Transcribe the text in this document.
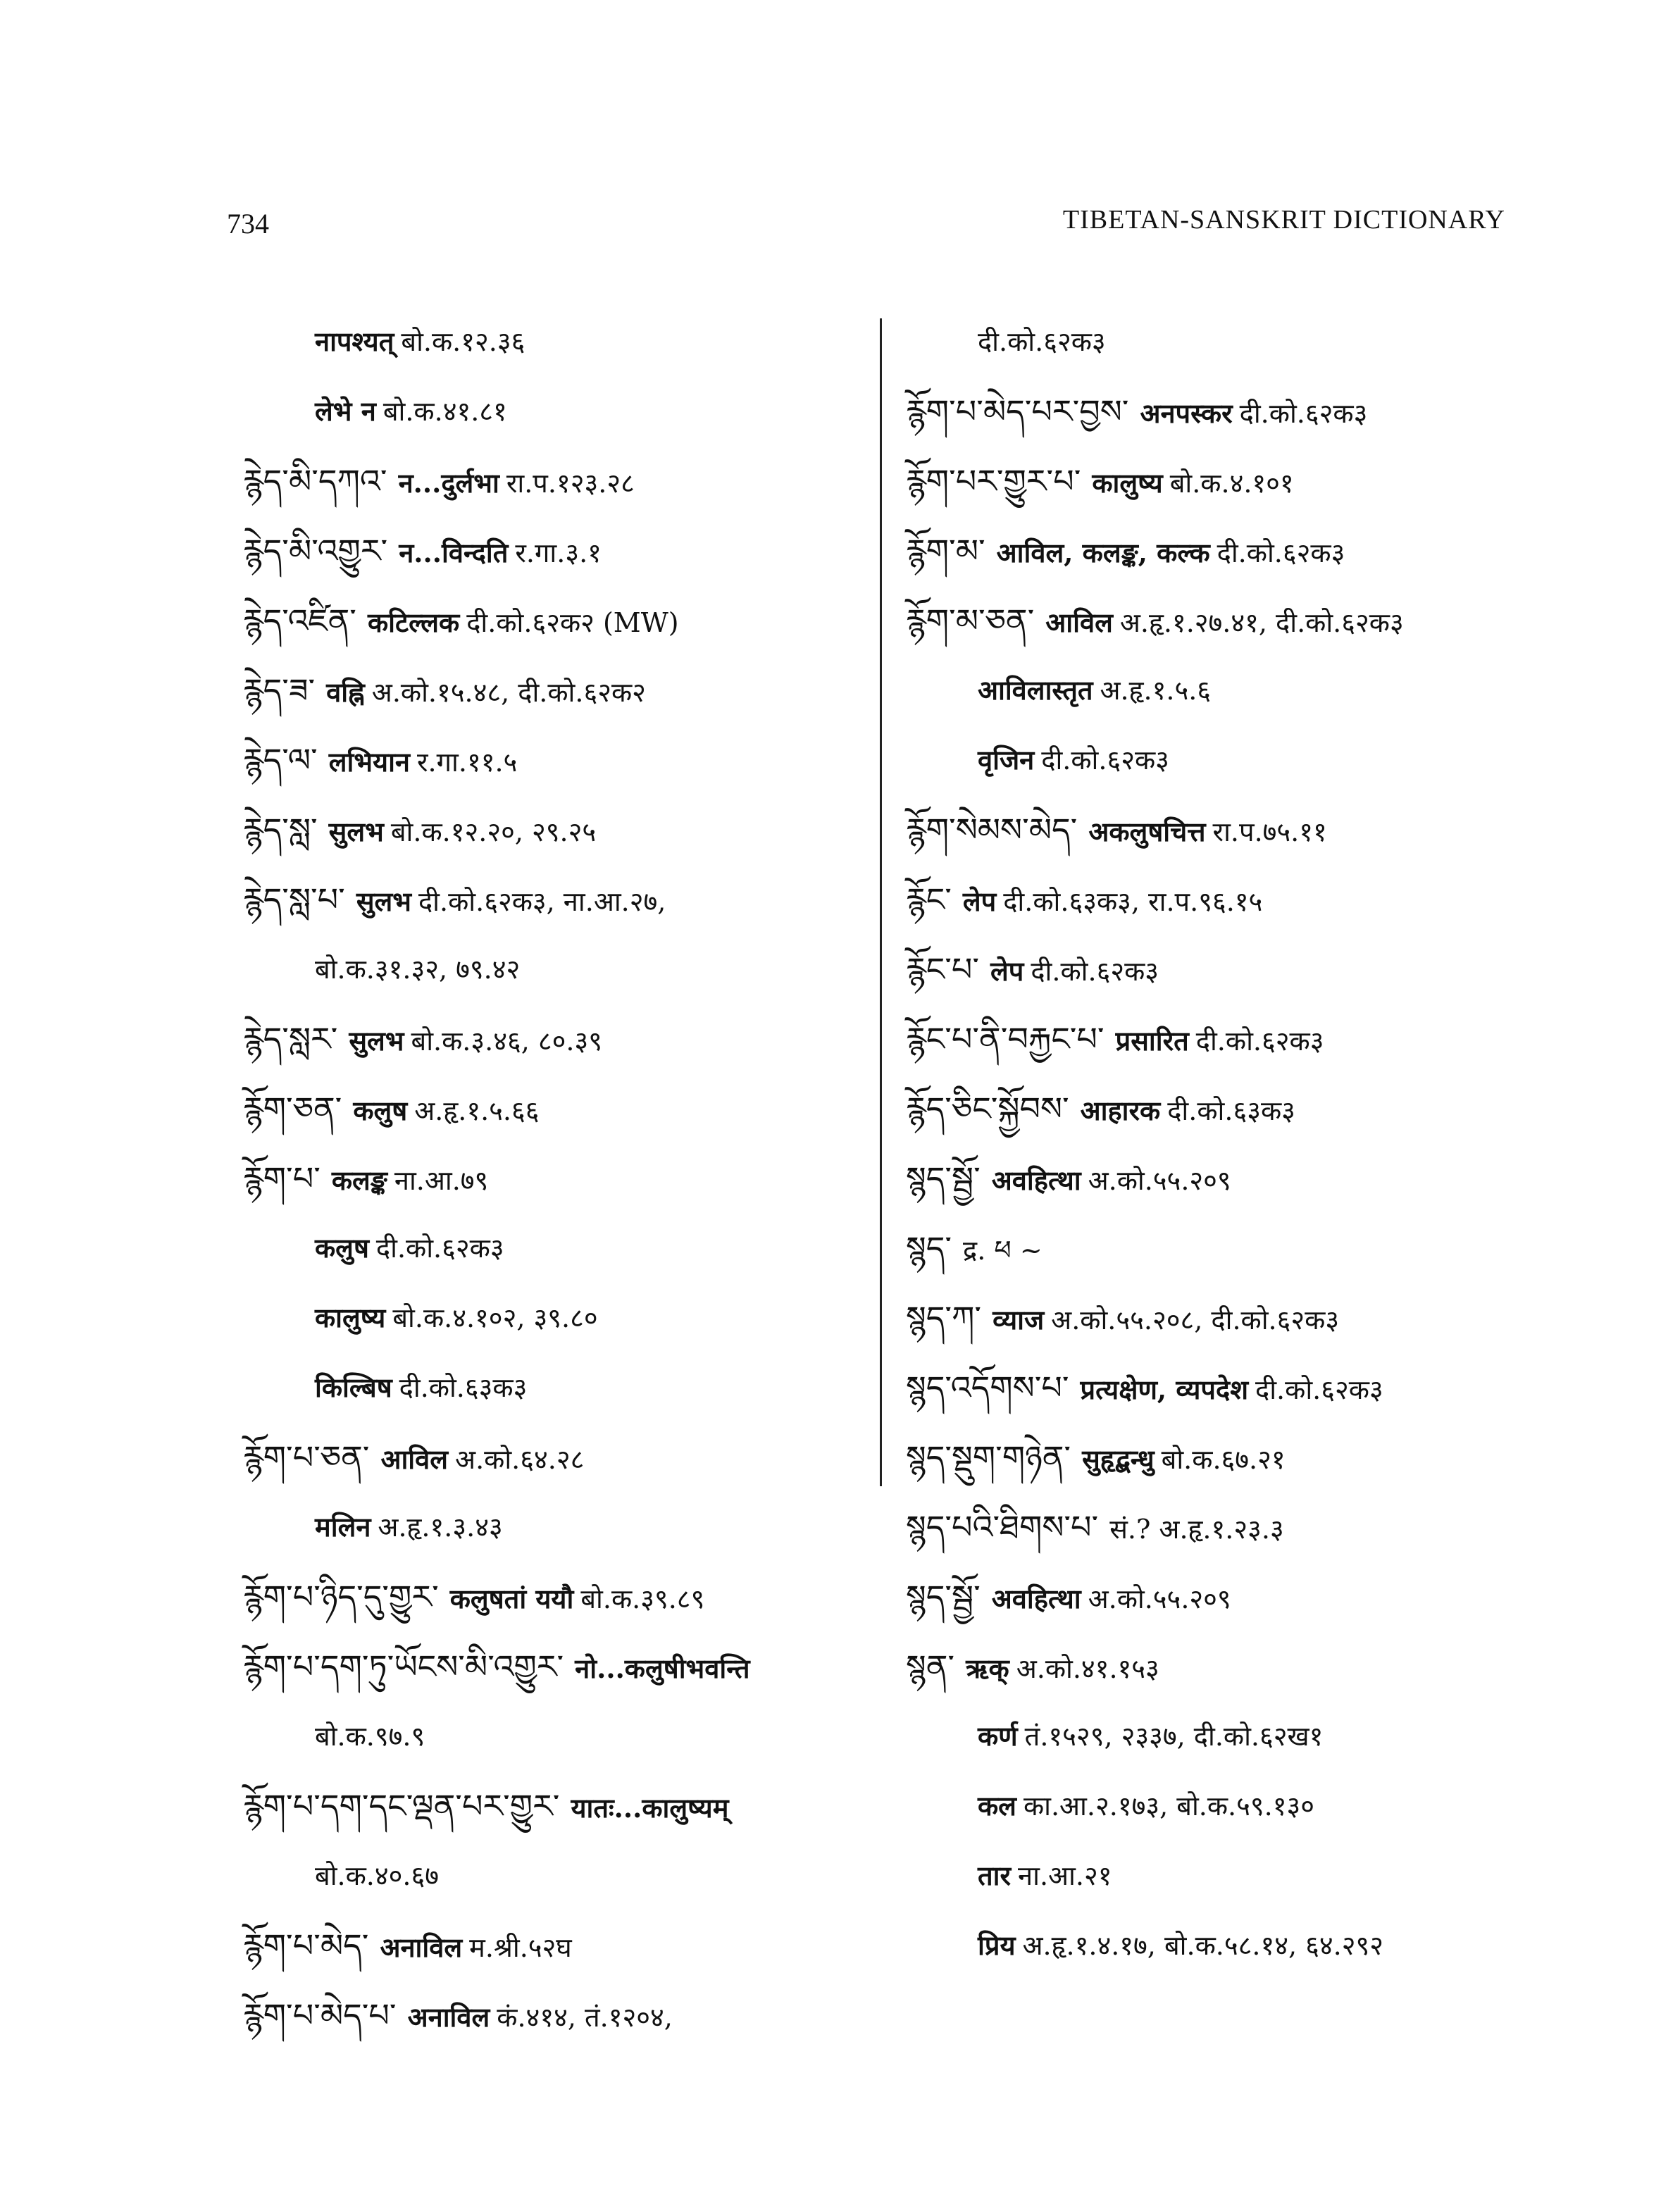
734	TIBETAN-SANSKRIT DICTIONARY
नापश्यत् बो.क.१२.३६
लेभे न बो.क.४१.८१
རྙེད་མི་དཀའ་ न...दुर्लभा रा.प.१२३.२८
རྙེད་མི་འགྱུར་ न...विन्दति र.गा.३.१
རྙེད་འཛིན་ कटिल्लक दी.को.६२क२ (MW)
རྙེད་ཟ་ वह्नि अ.को.१५.४८, दी.को.६२क२
རྙེད་ལ་ लभियान र.गा.११.५
རྙེད་སླ་ सुलभ बो.क.१२.२०, २९.२५
རྙེད་སླ་པ་ सुलभ दी.को.६२क३, ना.आ.२७,
बो.क.३१.३२, ७९.४२
རྙེད་སླར་ सुलभ बो.क.३.४६, ८०.३९
རྙོག་ཅན་ कलुष अ.हृ.१.५.६६
རྙོག་པ་ कलङ्क ना.आ.७९
कलुष दी.को.६२क३
कालुष्य बो.क.४.१०२, ३९.८०
किल्बिष दी.को.६३क३
རྙོག་པ་ཅན་ आविल अ.को.६४.२८
मलिन अ.हृ.१.३.४३
རྙོག་པ་ཉིད་དུ་གྱུར་ कलुषतां ययौ बो.क.३९.८९
རྙོག་པ་དག་ཏུ་ཡོངས་མི་འགྱུར་ नो...कलुषीभवन्ति
बो.क.९७.९
རྙོག་པ་དག་དང་ལྡན་པར་གྱུར་ यातः...कालुष्यम्
बो.क.४०.६७
རྙོག་པ་མེད་ अनाविल म.श्री.५२घ
རྙོག་པ་མེད་པ་ अनाविल कं.४१४, तं.१२०४,
दी.को.६२क३
རྙོག་པ་མེད་པར་བྱས་ अनपस्कर दी.को.६२क३
རྙོག་པར་གྱུར་པ་ कालुष्य बो.क.४.१०१
རྙོག་མ་ आविल, कलङ्क, कल्क दी.को.६२क३
རྙོག་མ་ཅན་ आविल अ.हृ.१.२७.४१, दी.को.६२क३
आविलास्तृत अ.हृ.१.५.६
वृजिन दी.को.६२क३
རྙོག་སེམས་མེད་ अकलुषचित्त रा.प.७५.११
རྙོང་ लेप दी.को.६३क३, रा.प.९६.१५
རྙོང་པ་ लेप दी.को.६२क३
རྙོང་པ་ནི་བརྐྱང་པ་ प्रसारित दी.को.६२क३
རྙོད་ཅིང་སྐྱོབས་ आहारक दी.को.६३क३
སྙད་སྦྱོ་ अवहित्था अ.को.५५.२०९
སྙད་ द्र. ཕ ~
སྙད་ཀ་ व्याज अ.को.५५.२०८, दी.को.६२क३
སྙད་འདོགས་པ་ प्रत्यक्षेण, व्यपदेश दी.को.६२क३
སྙད་སྡུག་གཉེན་ सुहृद्बन्धु बो.क.६७.२१
སྙད་པའི་ཐིགས་པ་ सं.? अ.हृ.१.२३.३
སྙད་སྦྱོ་ अवहित्था अ.को.५५.२०९
སྙན་ ऋक् अ.को.४१.१५३
कर्ण तं.१५२९, २३३७, दी.को.६२ख१
कल का.आ.२.१७३, बो.क.५९.१३०
तार ना.आ.२१
प्रिय अ.हृ.१.४.१७, बो.क.५८.१४, ६४.२९२
